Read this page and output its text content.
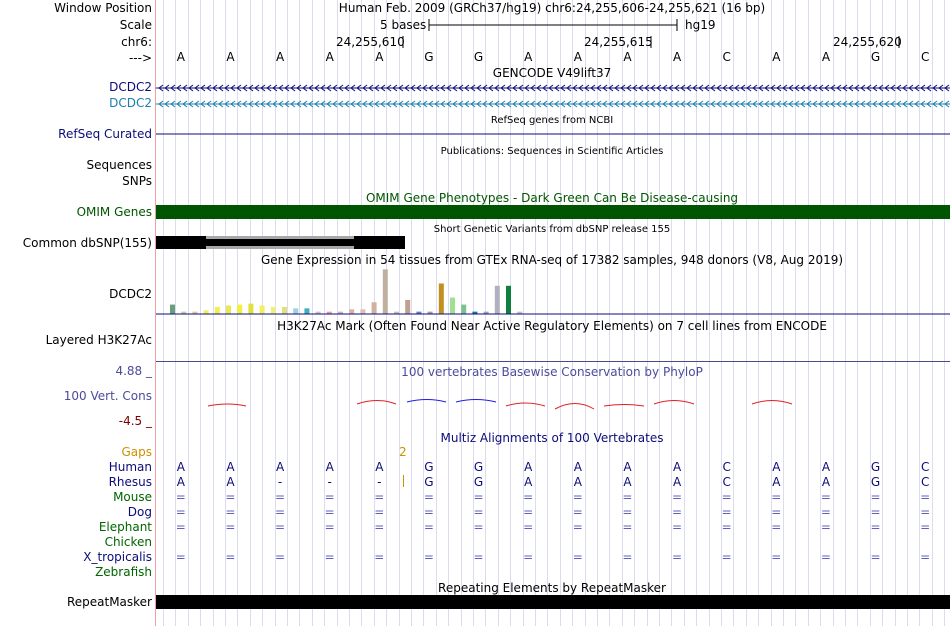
Window Position	Human Feb. 2009 (GRCh37/hg19) chr6:24,255,606-24,255,621 (16 bp)
Scale	5 bases	hg19
chr6:	24,255,610	24,255,615	24,255,620
--->	A	A	A	A	A	G	G	A	A	A	A	C	A	A	G	C
GENCODE V49lift37
DCDC2
DCDC2
RefSeq genes from NCBI
RefSeq Curated
Publications: Sequences in Scientific Articles
Sequences
SNPs
OMIM Gene Phenotypes - Dark Green Can Be Disease-causing
OMIM Genes
Short Genetic Variants from dbSNP release 155
Common dbSNP(155)
Gene Expression in 54 tissues from GTEx RNA-seq of 17382 samples, 948 donors (V8, Aug 2019)
DCDC2
H3K27Ac Mark (Often Found Near Active Regulatory Elements) on 7 cell lines from ENCODE
Layered H3K27Ac
100 vertebrates Basewise Conservation by PhyloP
4.88 _
100 Vert. Cons
-4.5 _
Multiz Alignments of 100 Vertebrates
Gaps	2
Human	A	A	A	A	A	G	G	A	A	A	A	C	A	A	G	C
Rhesus	A	A	-	-	-	G	G	A	A	A	A	C	A	A	G	C
Mouse	=	=	=	=	=	=	=	=	=	=	=	=	=	=	=	=
Dog	=	=	=	=	=	=	=	=	=	=	=	=	=	=	=	=
Elephant	=	=	=	=	=	=	=	=	=	=	=	=	=	=	=	=
Chicken
X_tropicalis	=	=	=	=	=	=	=	=	=	=	=	=	=	=	=	=
Zebrafish
Repeating Elements by RepeatMasker
RepeatMasker
